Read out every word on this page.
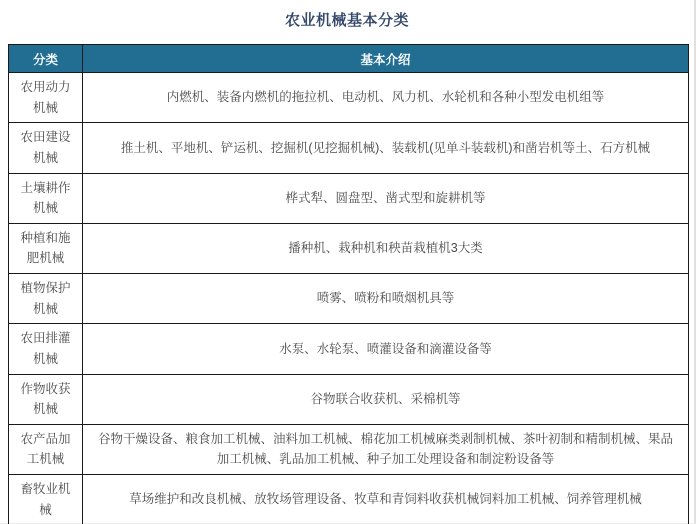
农业机械基本分类
分类	基本介绍
农用动力机械	内燃机、装备内燃机的拖拉机、电动机、风力机、水轮机和各种小型发电机组等
农田建设机械	推土机、平地机、铲运机、挖掘机(见挖掘机械)、装载机(见单斗装载机)和凿岩机等土、石方机械
土壤耕作机械	桦式犁、圆盘型、凿式型和旋耕机等
种植和施肥机械	播种机、栽种机和秧苗栽植机3大类
植物保护机械	喷雾、喷粉和喷烟机具等
农田排灌机械	水泵、水轮泵、喷灌设备和滴灌设备等
作物收获机械	谷物联合收获机、采棉机等
农产品加工机械	谷物干燥设备、粮食加工机械、油料加工机械、棉花加工机械麻类剥制机械、茶叶初制和精制机械、果品加工机械、乳品加工机械、种子加工处理设备和制淀粉设备等
畜牧业机械	草场维护和改良机械、放牧场管理设备、牧草和青饲料收获机械饲料加工机械、饲养管理机械
